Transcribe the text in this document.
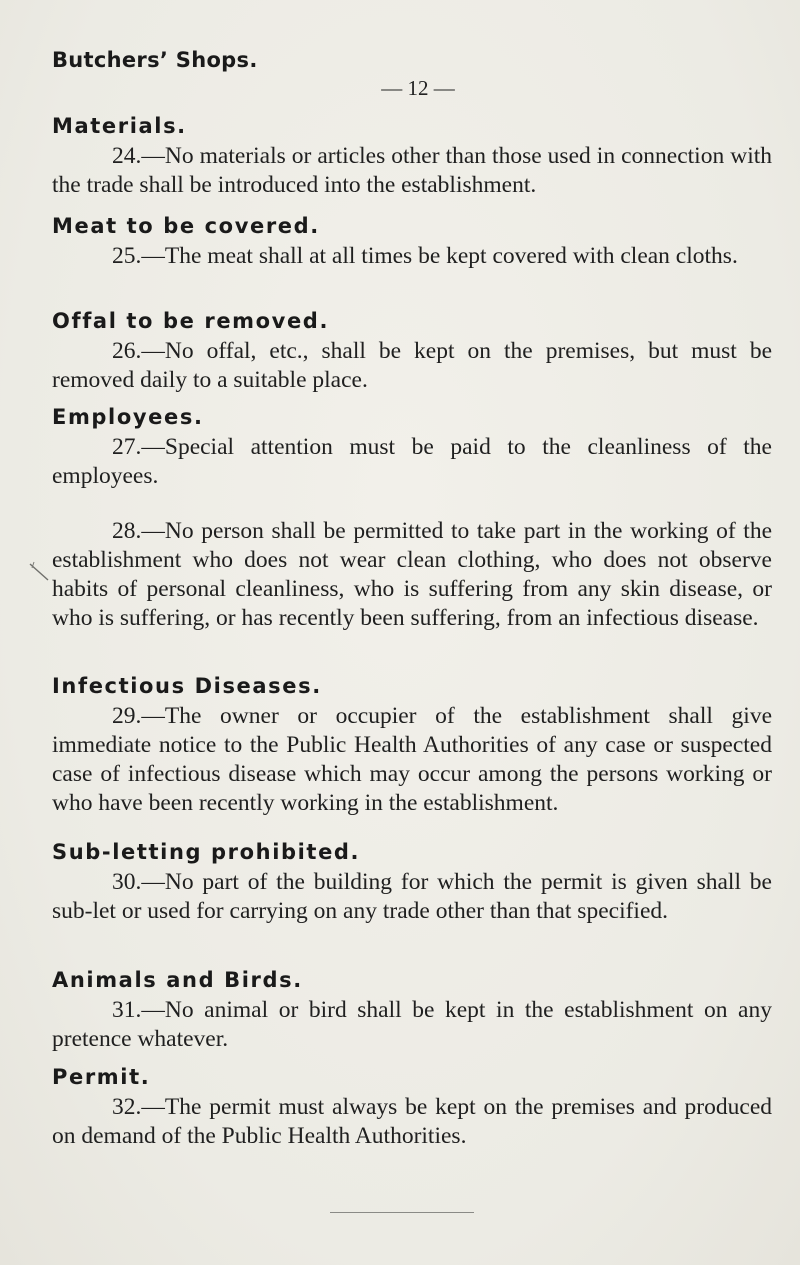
Butchers’ Shops.
— 12 —
Materials.

24.—No materials or articles other than those used in connection with the trade shall be introduced into the establishment.

Meat to be covered.

25.—The meat shall at all times be kept covered with clean cloths.

Offal to be removed.

26.—No offal, etc., shall be kept on the premises, but must be removed daily to a suitable place.

Employees.

27.—Special attention must be paid to the cleanliness of the employees.

28.—No person shall be permitted to take part in the working of the establishment who does not wear clean clothing, who does not observe habits of personal cleanliness, who is suffering from any skin disease, or who is suffering, or has recently been suffering, from an infectious disease.

Infectious Diseases.

29.—The owner or occupier of the establishment shall give immediate notice to the Public Health Authorities of any case or suspected case of infectious disease which may occur among the persons working or who have been recently working in the establishment.

Sub-letting prohibited.

30.—No part of the building for which the permit is given shall be sub-let or used for carrying on any trade other than that specified.

Animals and Birds.

31.—No animal or bird shall be kept in the establishment on any pretence whatever.

Permit.

32.—The permit must always be kept on the premises and produced on demand of the Public Health Authorities.
